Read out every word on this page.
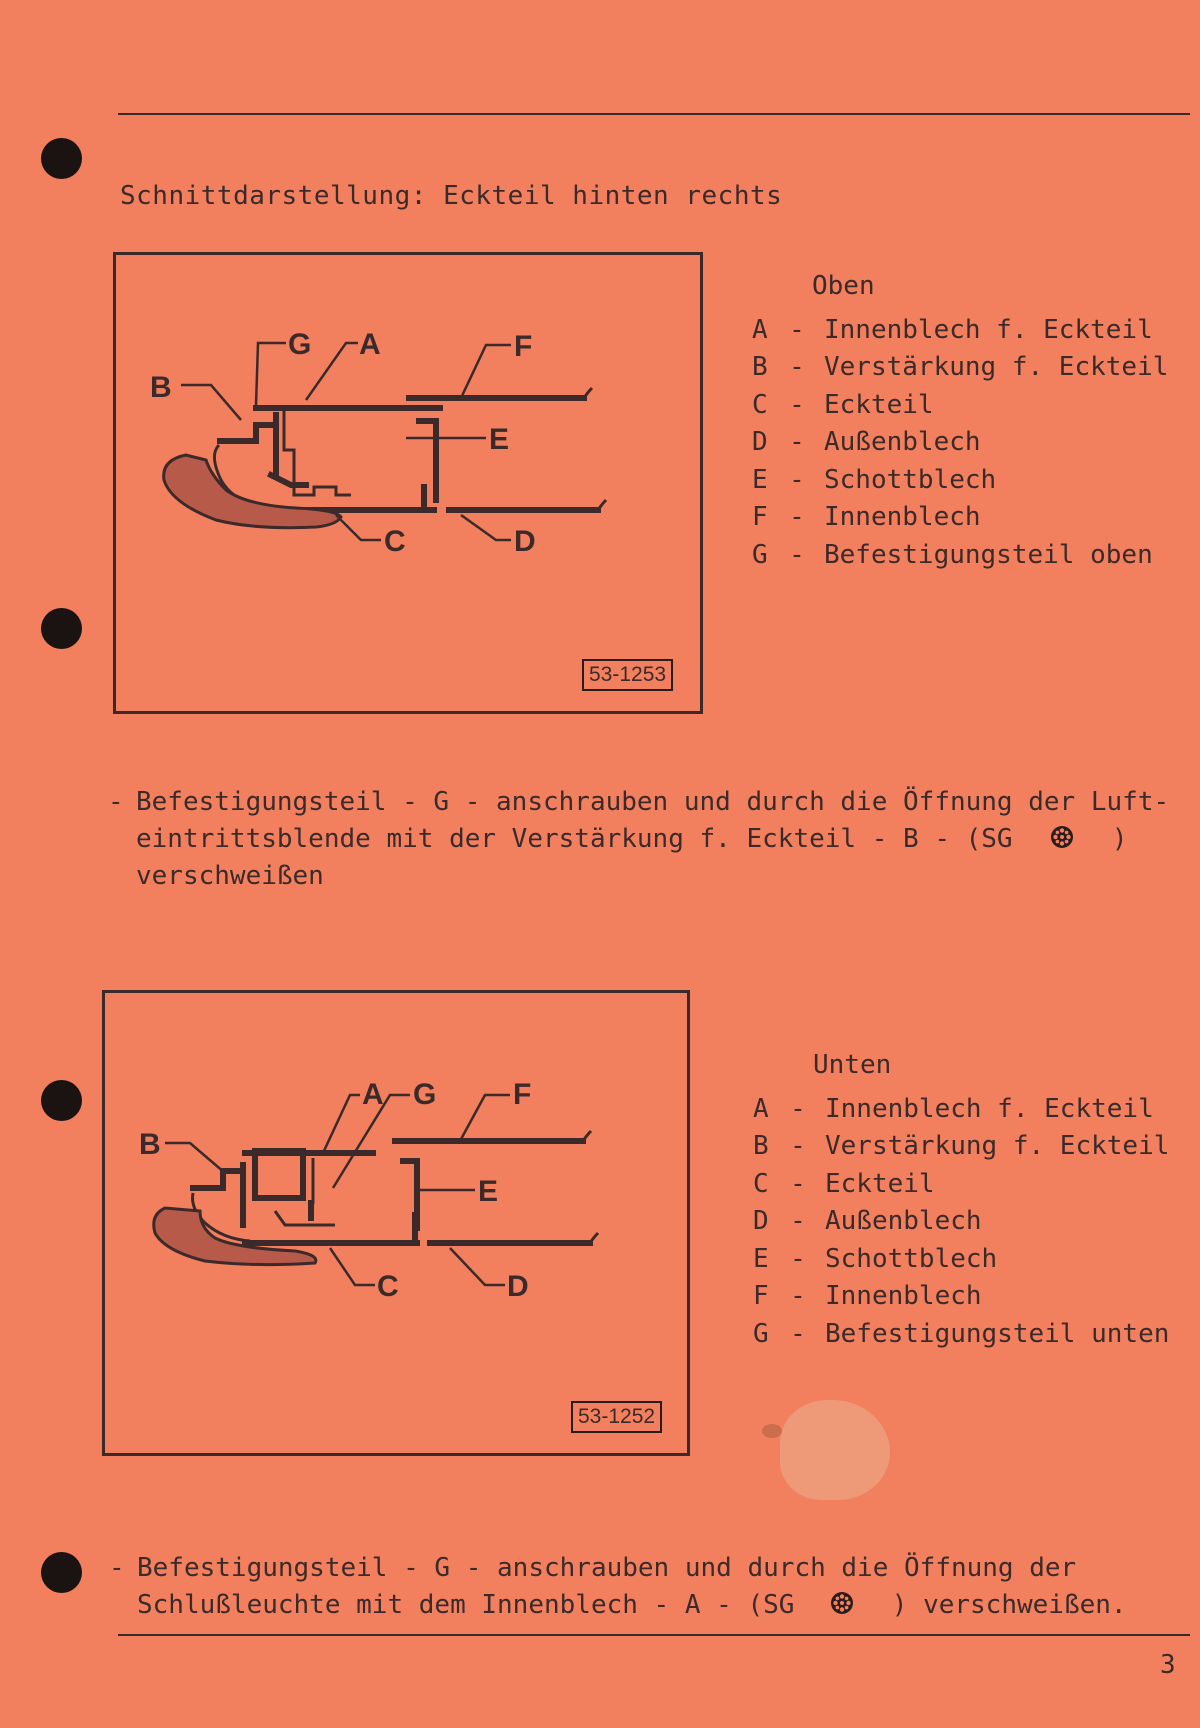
Schnittdarstellung: Eckteil hinten rechts
B
G A	F
E
C	D
53-1253
Oben
A - Innenblech f. Eckteil
B - Verstärkung f. Eckteil
C - Eckteil
D - Außenblech
E - Schottblech
F - Innenblech
G - Befestigungsteil oben
- Befestigungsteil - G - anschrauben und durch die Öffnung der Luft-
eintrittsblende mit der Verstärkung f. Eckteil - B - (SG	)
verschweißen
B
A G	F
E
C	D
53-1252
Unten
A - Innenblech f. Eckteil
B - Verstärkung f. Eckteil
C - Eckteil
D - Außenblech
E - Schottblech
F - Innenblech
G - Befestigungsteil unten
- Befestigungsteil - G - anschrauben und durch die Öffnung der
Schlußleuchte mit dem Innenblech - A - (SG	) verschweißen.
3
